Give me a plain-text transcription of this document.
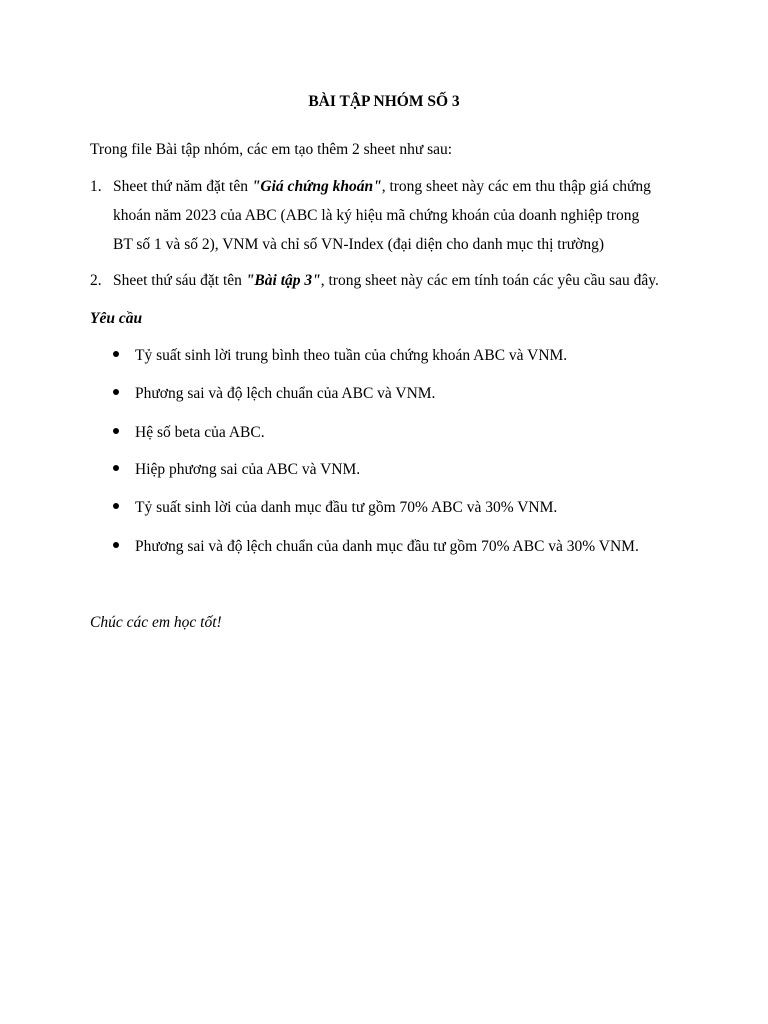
BÀI TẬP NHÓM SỐ 3
Trong file Bài tập nhóm, các em tạo thêm 2 sheet như sau:
1. Sheet thứ năm đặt tên "Giá chứng khoán", trong sheet này các em thu thập giá chứng
khoán năm 2023 của ABC (ABC là ký hiệu mã chứng khoán của doanh nghiệp trong
BT số 1 và số 2), VNM và chỉ số VN-Index (đại diện cho danh mục thị trường)
2. Sheet thứ sáu đặt tên "Bài tập 3", trong sheet này các em tính toán các yêu cầu sau đây.
Yêu cầu
Tỷ suất sinh lời trung bình theo tuần của chứng khoán ABC và VNM.
Phương sai và độ lệch chuẩn của ABC và VNM.
Hệ số beta của ABC.
Hiệp phương sai của ABC và VNM.
Tỷ suất sinh lời của danh mục đầu tư gồm 70% ABC và 30% VNM.
Phương sai và độ lệch chuẩn của danh mục đầu tư gồm 70% ABC và 30% VNM.
Chúc các em học tốt!
